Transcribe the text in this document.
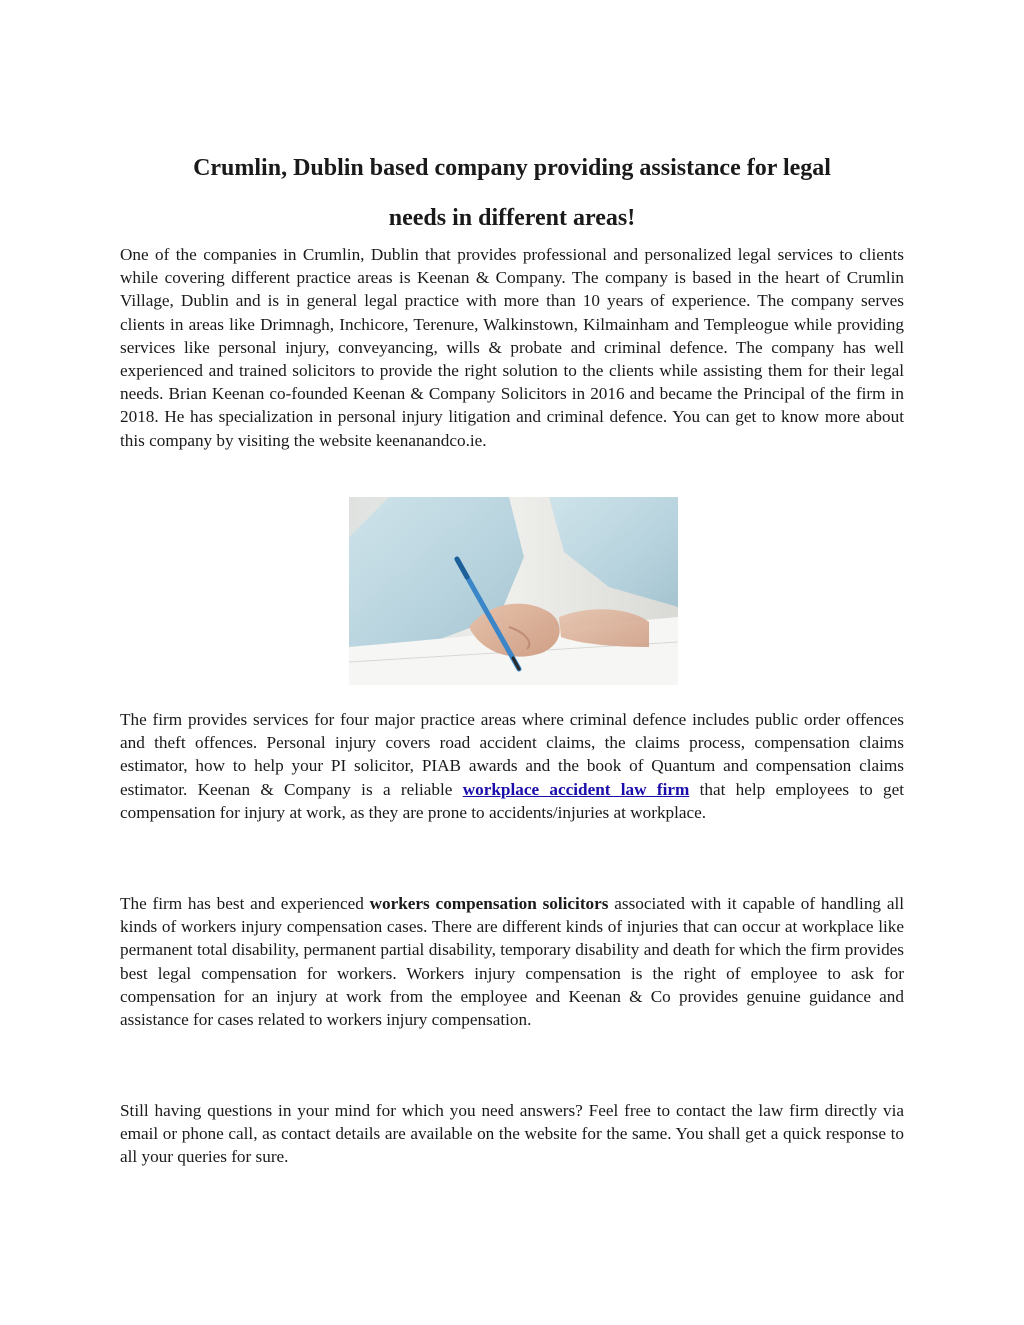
Crumlin, Dublin based company providing assistance for legal
needs in different areas!

One of the companies in Crumlin, Dublin that provides professional and personalized legal services to clients while covering different practice areas is Keenan & Company. The company is based in the heart of Crumlin Village, Dublin and is in general legal practice with more than 10 years of experience. The company serves clients in areas like Drimnagh, Inchicore, Terenure, Walkinstown, Kilmainham and Templeogue while providing services like personal injury, conveyancing, wills & probate and criminal defence. The company has well experienced and trained solicitors to provide the right solution to the clients while assisting them for their legal needs. Brian Keenan co-founded Keenan & Company Solicitors in 2016 and became the Principal of the firm in 2018. He has specialization in personal injury litigation and criminal defence. You can get to know more about this company by visiting the website keenanandco.ie.

The firm provides services for four major practice areas where criminal defence includes public order offences and theft offences. Personal injury covers road accident claims, the claims process, compensation claims estimator, how to help your PI solicitor, PIAB awards and the book of Quantum and compensation claims estimator. Keenan & Company is a reliable workplace accident law firm that help employees to get compensation for injury at work, as they are prone to accidents/injuries at workplace.

The firm has best and experienced workers compensation solicitors associated with it capable of handling all kinds of workers injury compensation cases. There are different kinds of injuries that can occur at workplace like permanent total disability, permanent partial disability, temporary disability and death for which the firm provides best legal compensation for workers. Workers injury compensation is the right of employee to ask for compensation for an injury at work from the employee and Keenan & Co provides genuine guidance and assistance for cases related to workers injury compensation.

Still having questions in your mind for which you need answers? Feel free to contact the law firm directly via email or phone call, as contact details are available on the website for the same. You shall get a quick response to all your queries for sure.
